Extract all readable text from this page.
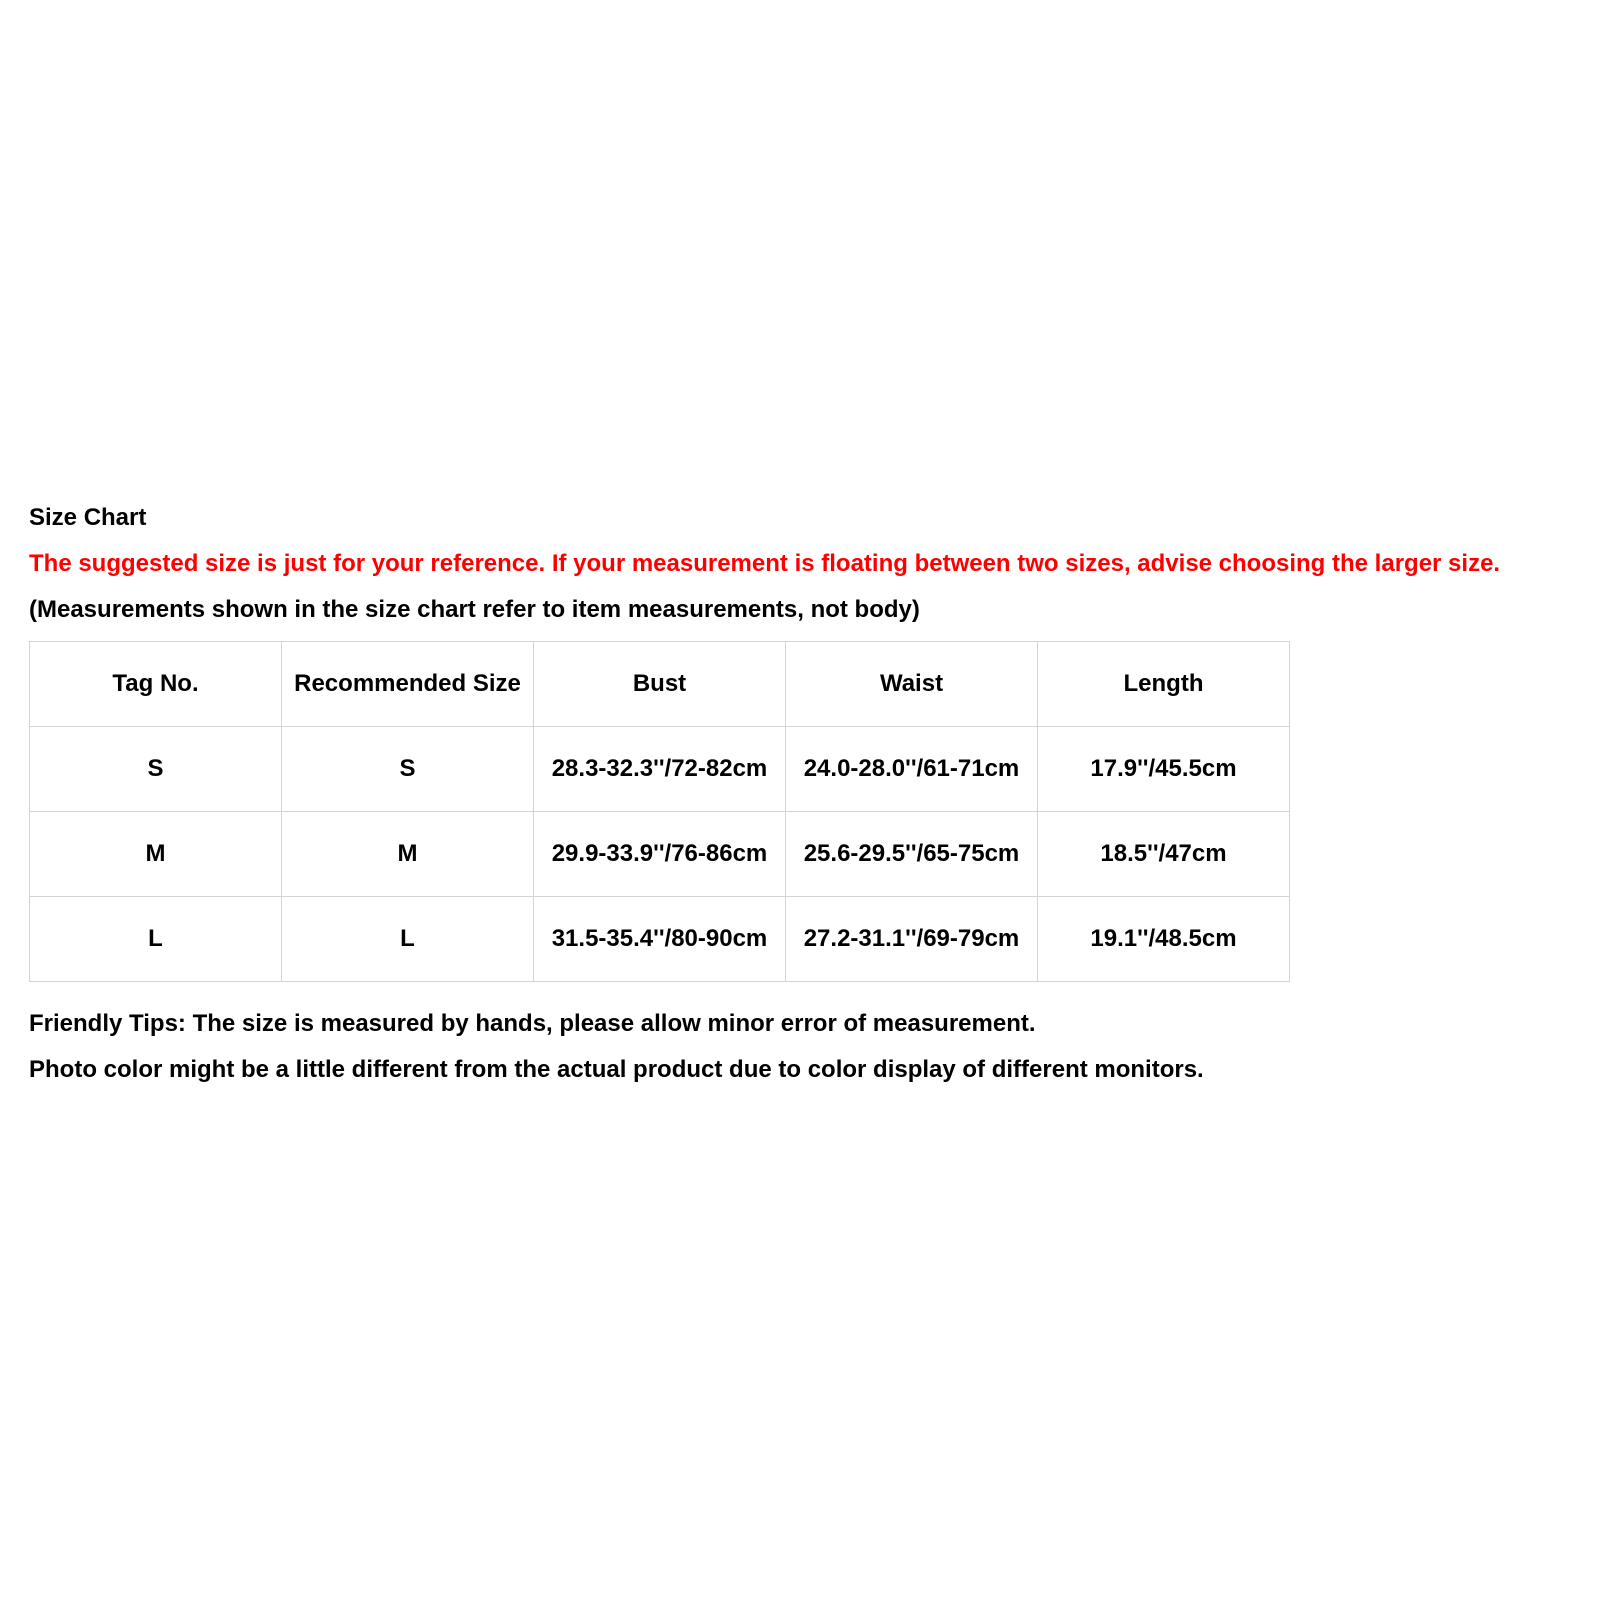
Size Chart
The suggested size is just for your reference. If your measurement is floating between two sizes, advise choosing the larger size.
(Measurements shown in the size chart refer to item measurements, not body)
Tag No.	Recommended Size	Bust	Waist	Length
S	S	28.3-32.3''/72-82cm	24.0-28.0''/61-71cm	17.9''/45.5cm
M	M	29.9-33.9''/76-86cm	25.6-29.5''/65-75cm	18.5''/47cm
L	L	31.5-35.4''/80-90cm	27.2-31.1''/69-79cm	19.1''/48.5cm
Friendly Tips: The size is measured by hands, please allow minor error of measurement.
Photo color might be a little different from the actual product due to color display of different monitors.
